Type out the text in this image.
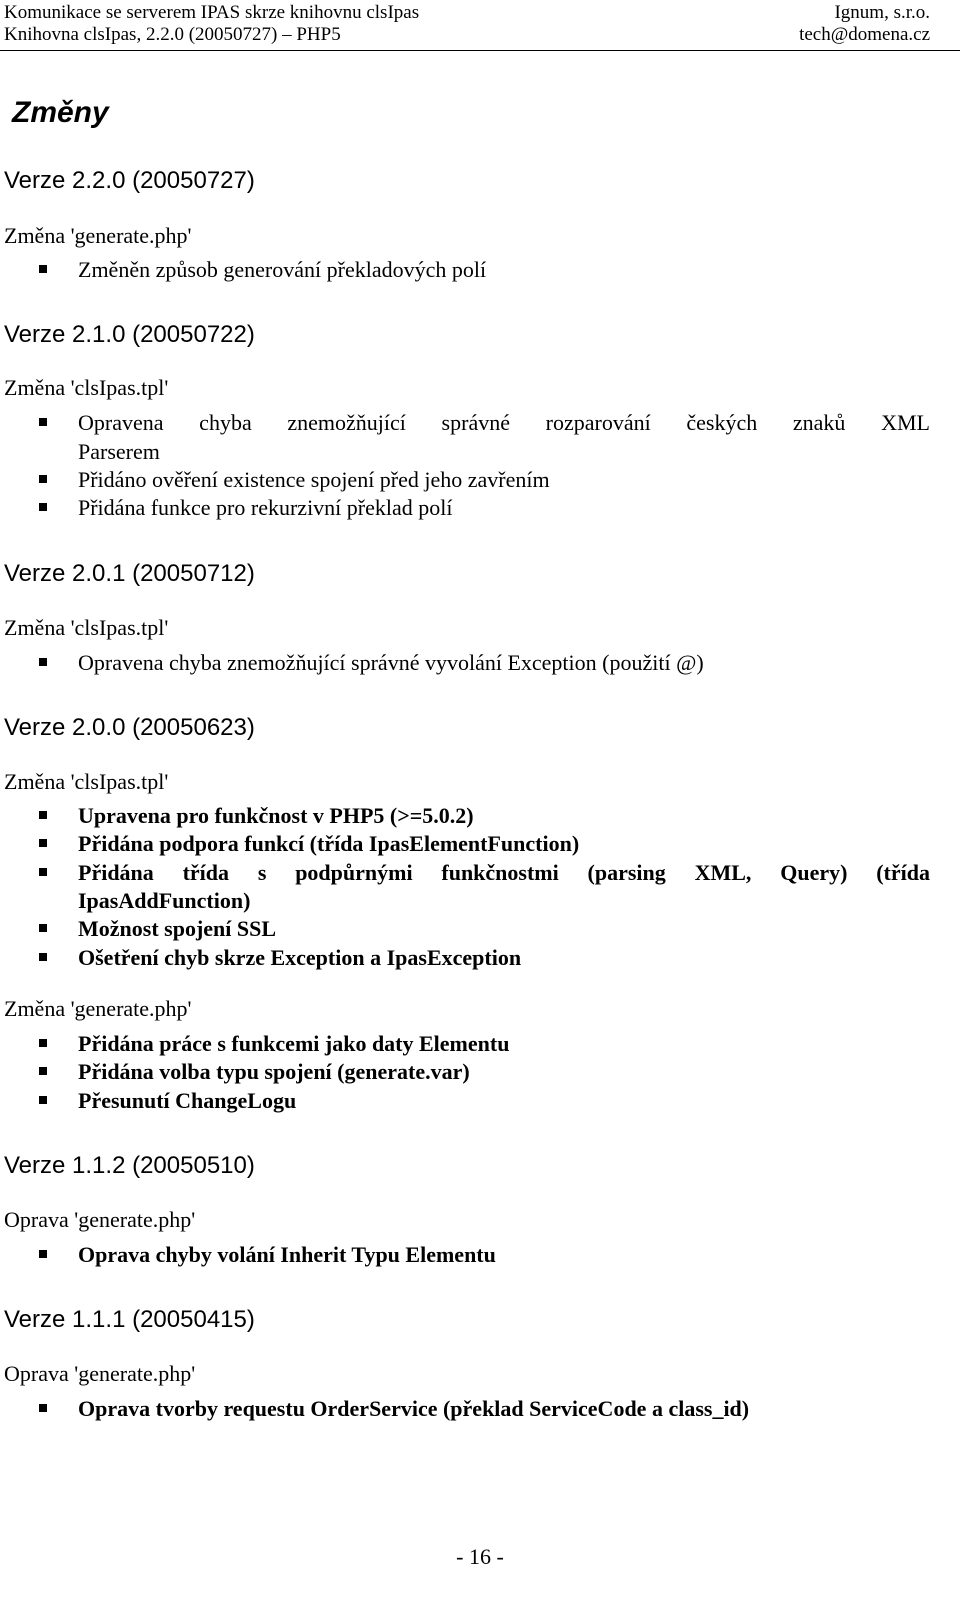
Komunikace se serverem IPAS skrze knihovnu clsIpas
Knihovna clsIpas, 2.2.0 (20050727) – PHP5
Ignum, s.r.o.
tech@domena.cz
Změny
Verze 2.2.0 (20050727)
Změna 'generate.php'
Změněn způsob generování překladových polí
Verze 2.1.0 (20050722)
Změna 'clsIpas.tpl'
Opravena chyba znemožňující správné rozparování českých znaků XML
Parserem
Přidáno ověření existence spojení před jeho zavřením
Přidána funkce pro rekurzivní překlad polí
Verze 2.0.1 (20050712)
Změna 'clsIpas.tpl'
Opravena chyba znemožňující správné vyvolání Exception (použití @)
Verze 2.0.0 (20050623)
Změna 'clsIpas.tpl'
Upravena pro funkčnost v PHP5 (>=5.0.2)
Přidána podpora funkcí (třída IpasElementFunction)
Přidána třída s podpůrnými funkčnostmi (parsing XML, Query) (třída
IpasAddFunction)
Možnost spojení SSL
Ošetření chyb skrze Exception a IpasException
Změna 'generate.php'
Přidána práce s funkcemi jako daty Elementu
Přidána volba typu spojení (generate.var)
Přesunutí ChangeLogu
Verze 1.1.2 (20050510)
Oprava 'generate.php'
Oprava chyby volání Inherit Typu Elementu
Verze 1.1.1 (20050415)
Oprava 'generate.php'
Oprava tvorby requestu OrderService (překlad ServiceCode a class_id)
- 16 -
